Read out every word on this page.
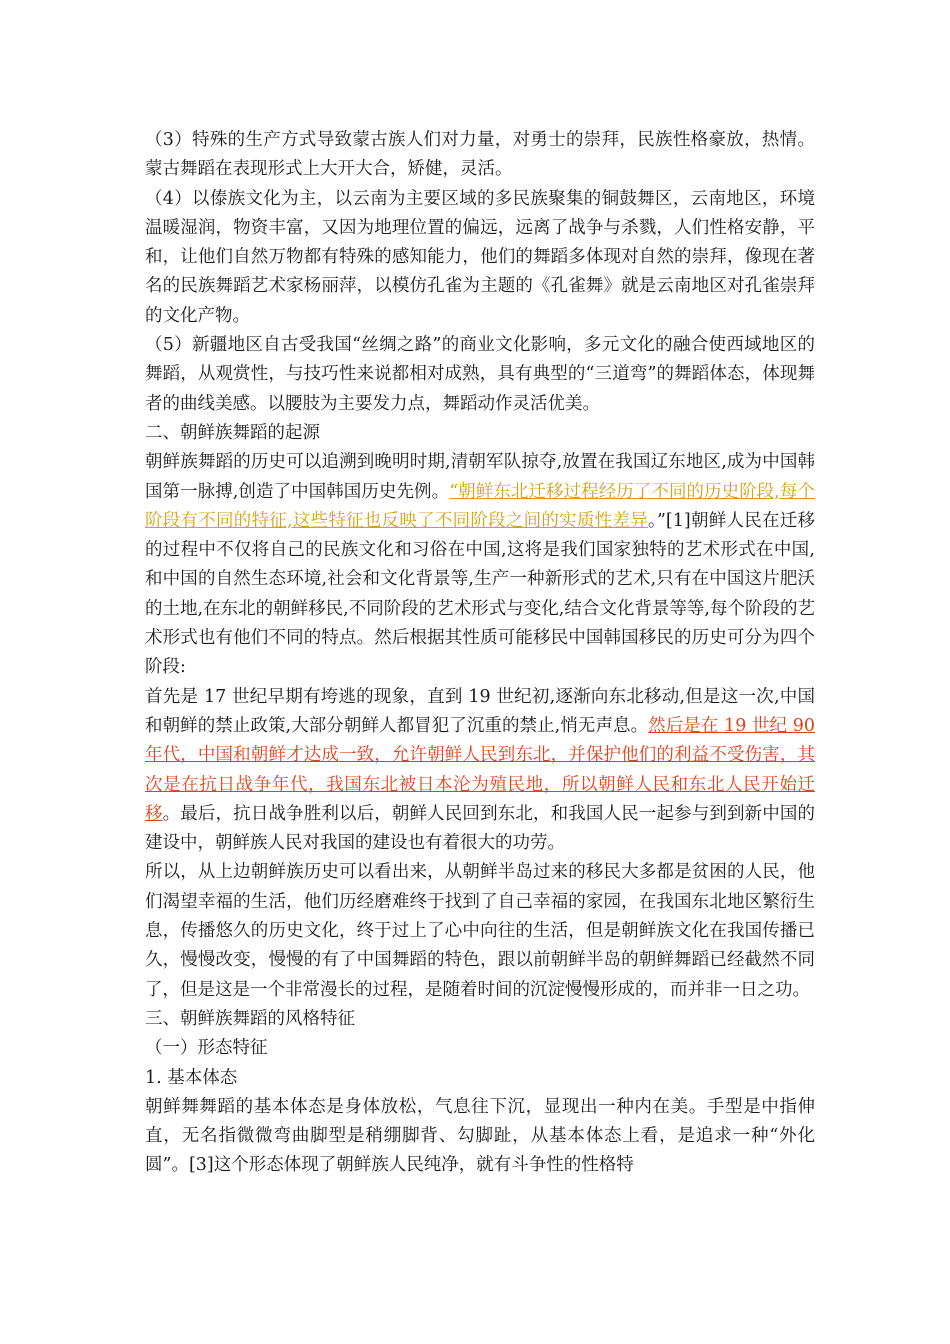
（3）特殊的生产方式导致蒙古族人们对力量，对勇士的崇拜，民族性格豪放，热情。蒙古舞蹈在表现形式上大开大合，矫健，灵活。

（4）以傣族文化为主，以云南为主要区域的多民族聚集的铜鼓舞区，云南地区，环境温暖湿润，物资丰富，又因为地理位置的偏远，远离了战争与杀戮，人们性格安静，平和，让他们自然万物都有特殊的感知能力，他们的舞蹈多体现对自然的崇拜，像现在著名的民族舞蹈艺术家杨丽萍，以模仿孔雀为主题的《孔雀舞》就是云南地区对孔雀崇拜的文化产物。

（5）新疆地区自古受我国“丝绸之路”的商业文化影响，多元文化的融合使西域地区的舞蹈，从观赏性，与技巧性来说都相对成熟，具有典型的“三道弯”的舞蹈体态，体现舞者的曲线美感。以腰肢为主要发力点，舞蹈动作灵活优美。

二、朝鲜族舞蹈的起源

朝鲜族舞蹈的历史可以追溯到晚明时期,清朝军队掠夺,放置在我国辽东地区,成为中国韩国第一脉搏,创造了中国韩国历史先例。“朝鲜东北迁移过程经历了不同的历史阶段,每个阶段有不同的特征,这些特征也反映了不同阶段之间的实质性差异。”[1]朝鲜人民在迁移的过程中不仅将自己的民族文化和习俗在中国,这将是我们国家独特的艺术形式在中国,和中国的自然生态环境,社会和文化背景等,生产一种新形式的艺术,只有在中国这片肥沃的土地,在东北的朝鲜移民,不同阶段的艺术形式与变化,结合文化背景等等,每个阶段的艺术形式也有他们不同的特点。然后根据其性质可能移民中国韩国移民的历史可分为四个阶段:

首先是 17 世纪早期有垮逃的现象，直到 19 世纪初,逐渐向东北移动,但是这一次,中国和朝鲜的禁止政策,大部分朝鲜人都冒犯了沉重的禁止,悄无声息。然后是在 19 世纪 90 年代，中国和朝鲜才达成一致，允许朝鲜人民到东北，并保护他们的利益不受伤害，其次是在抗日战争年代，我国东北被日本沦为殖民地，所以朝鲜人民和东北人民开始迁移。最后，抗日战争胜利以后，朝鲜人民回到东北，和我国人民一起参与到到新中国的建设中，朝鲜族人民对我国的建设也有着很大的功劳。

所以，从上边朝鲜族历史可以看出来，从朝鲜半岛过来的移民大多都是贫困的人民，他们渴望幸福的生活，他们历经磨难终于找到了自己幸福的家园，在我国东北地区繁衍生息，传播悠久的历史文化，终于过上了心中向往的生活，但是朝鲜族文化在我国传播已久，慢慢改变，慢慢的有了中国舞蹈的特色，跟以前朝鲜半岛的朝鲜舞蹈已经截然不同了，但是这是一个非常漫长的过程，是随着时间的沉淀慢慢形成的，而并非一日之功。

三、朝鲜族舞蹈的风格特征

（一）形态特征

1. 基本体态

朝鲜舞舞蹈的基本体态是身体放松，气息往下沉，显现出一种内在美。手型是中指伸直，无名指微微弯曲脚型是稍绷脚背、勾脚趾，从基本体态上看，是追求一种“外化圆”。[3]这个形态体现了朝鲜族人民纯净，就有斗争性的性格特
